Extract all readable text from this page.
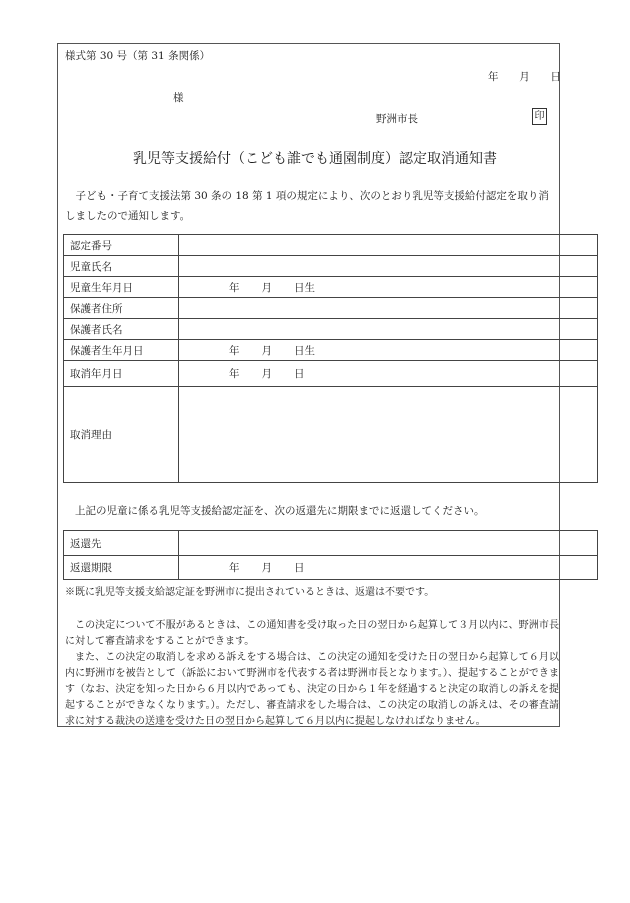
様式第 30 号（第 31 条関係）
年 月 日
様
野洲市長	印
乳児等支援給付（こども誰でも通園制度）認定取消通知書
子ども・子育て支援法第 30 条の 18 第 1 項の規定により、次のとおり乳児等支援給付認定を取り消しましたので通知します。
認定番号	
児童氏名	
児童生年月日	年 月 日生
保護者住所	
保護者氏名	
保護者生年月日	年 月 日生
取消年月日	年 月 日
取消理由	
上記の児童に係る乳児等支援給認定証を、次の返還先に期限までに返還してください。
返還先	
返還期限	年 月 日
※既に乳児等支援支給認定証を野洲市に提出されているときは、返還は不要です。

この決定について不服があるときは、この通知書を受け取った日の翌日から起算して３月以内に、野洲市長に対して審査請求をすることができます。

また、この決定の取消しを求める訴えをする場合は、この決定の通知を受けた日の翌日から起算して６月以内に野洲市を被告として（訴訟において野洲市を代表する者は野洲市長となります。）、提起することができます（なお、決定を知った日から６月以内であっても、決定の日から１年を経過すると決定の取消しの訴えを提起することができなくなります。）。ただし、審査請求をした場合は、この決定の取消しの訴えは、その審査請求に対する裁決の送達を受けた日の翌日から起算して６月以内に提起しなければなりません。
